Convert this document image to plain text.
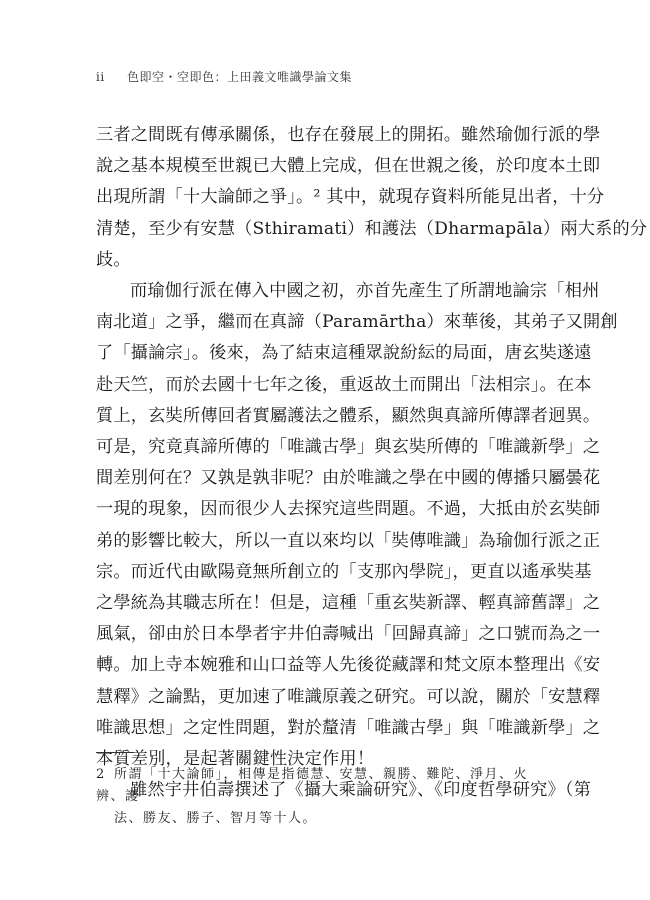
ii 色即空・空即色：上田義文唯識學論文集
三者之間既有傳承關係，也存在發展上的開拓。雖然瑜伽行派的學
說之基本規模至世親已大體上完成，但在世親之後，於印度本土即
出現所謂「十大論師之爭」。² 其中，就現存資料所能見出者，十分
清楚，至少有安慧（Sthiramati）和護法（Dharmapāla）兩大系的分
歧。
而瑜伽行派在傳入中國之初，亦首先產生了所謂地論宗「相州
南北道」之爭，繼而在真諦（Paramārtha）來華後，其弟子又開創
了「攝論宗」。後來，為了結束這種眾說紛紜的局面，唐玄奘遂遠
赴天竺，而於去國十七年之後，重返故土而開出「法相宗」。在本
質上，玄奘所傳回者實屬護法之體系，顯然與真諦所傳譯者迥異。
可是，究竟真諦所傳的「唯識古學」與玄奘所傳的「唯識新學」之
間差別何在？又孰是孰非呢？由於唯識之學在中國的傳播只屬曇花
一現的現象，因而很少人去探究這些問題。不過，大抵由於玄奘師
弟的影響比較大，所以一直以來均以「奘傳唯識」為瑜伽行派之正
宗。而近代由歐陽竟無所創立的「支那內學院」，更直以遙承奘基
之學統為其職志所在！但是，這種「重玄奘新譯、輕真諦舊譯」之
風氣，卻由於日本學者宇井伯壽喊出「回歸真諦」之口號而為之一
轉。加上寺本婉雅和山口益等人先後從藏譯和梵文原本整理出《安
慧釋》之論點，更加速了唯識原義之研究。可以說，關於「安慧釋
唯識思想」之定性問題，對於釐清「唯識古學」與「唯識新學」之
本質差別，是起著關鍵性決定作用！
雖然宇井伯壽撰述了《攝大乘論研究》、《印度哲學研究》（第
2 所謂「十大論師」，相傳是指德慧、安慧、親勝、難陀、淨月、火辨、護
法、勝友、勝子、智月等十人。
